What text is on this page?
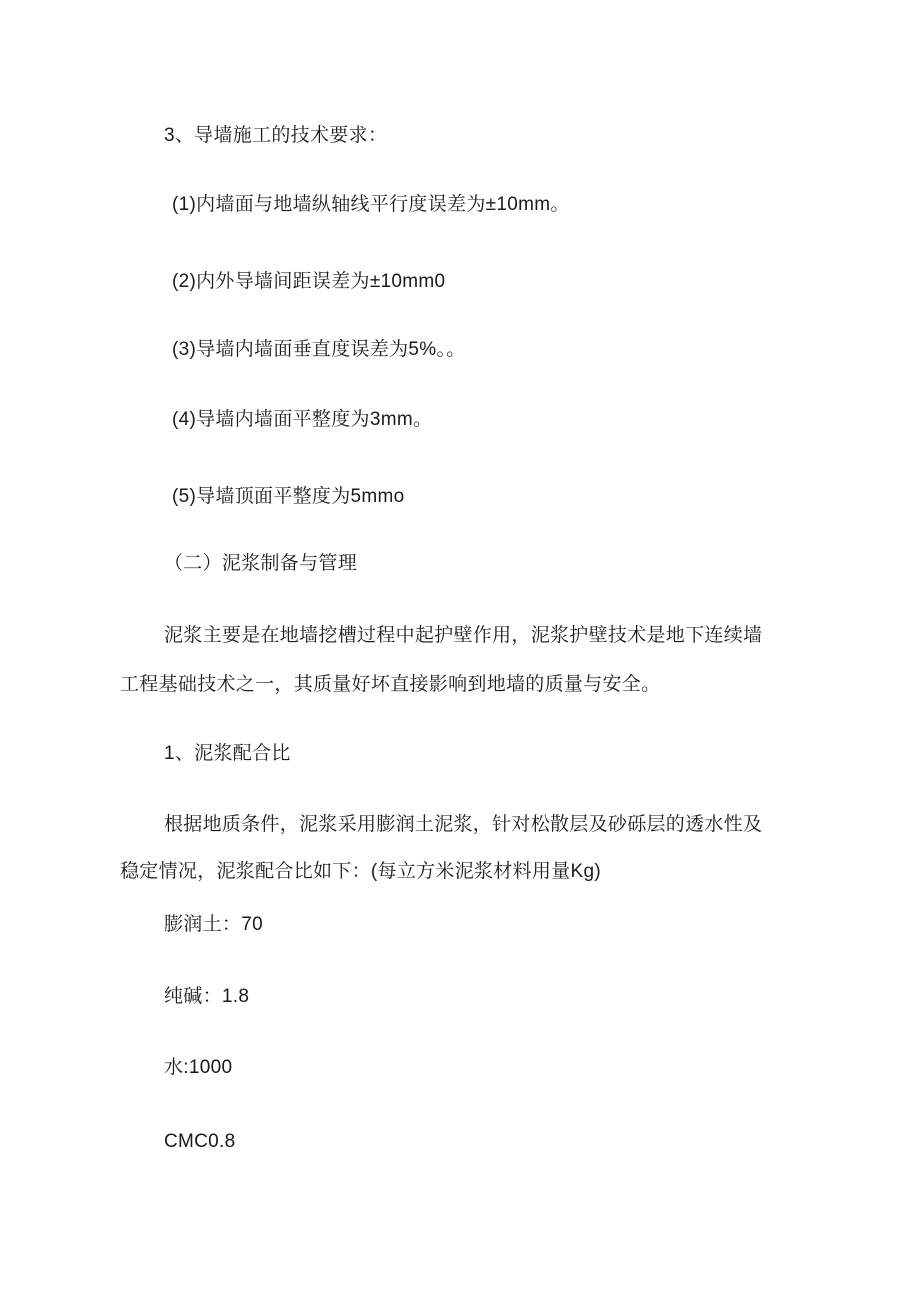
3、导墙施工的技术要求：
(1)内墙面与地墙纵轴线平行度误差为±10mm。
(2)内外导墙间距误差为±10mm0
(3)导墙内墙面垂直度误差为5%。。
(4)导墙内墙面平整度为3mm。
(5)导墙顶面平整度为5mmo
（二）泥浆制备与管理
泥浆主要是在地墙挖槽过程中起护壁作用，泥浆护壁技术是地下连续墙
工程基础技术之一，其质量好坏直接影响到地墙的质量与安全。
1、泥浆配合比
根据地质条件，泥浆采用膨润土泥浆，针对松散层及砂砾层的透水性及
稳定情况，泥浆配合比如下：(每立方米泥浆材料用量Kg)
膨润土：70
纯碱：1.8
水:1000
CMC0.8
